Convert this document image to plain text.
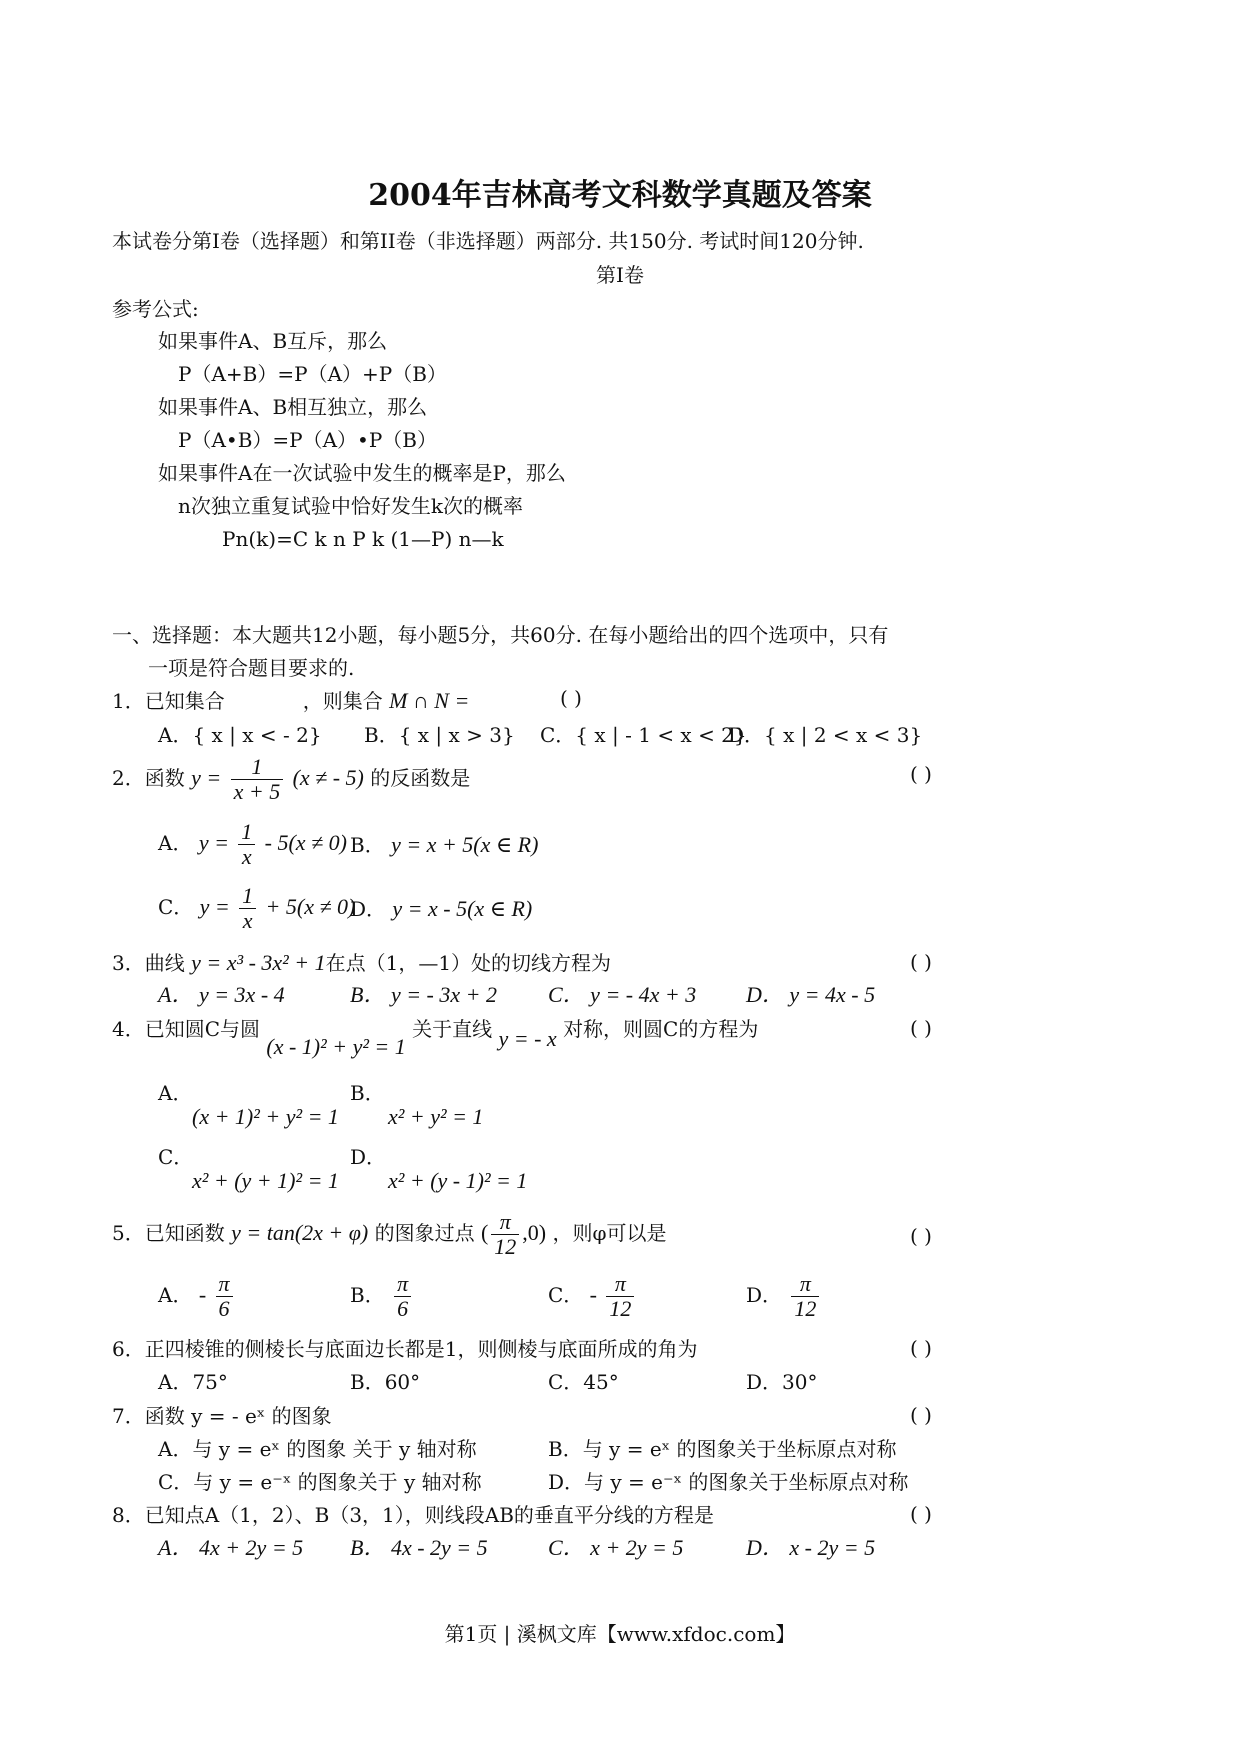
2004年吉林高考文科数学真题及答案
本试卷分第I卷（选择题）和第II卷（非选择题）两部分. 共150分. 考试时间120分钟.
第I卷
参考公式:
如果事件A、B互斥，那么
P（A+B）=P（A）+P（B）
如果事件A、B相互独立，那么
P（A•B）=P（A）•P（B）
如果事件A在一次试验中发生的概率是P，那么
n次独立重复试验中恰好发生k次的概率
Pn(k)=C k n P k (1—P) n—k
一、选择题：本大题共12小题，每小题5分，共60分. 在每小题给出的四个选项中，只有
一项是符合题目要求的.
1．已知集合	，则集合 M ∩ N =	( )
A．{ x | x < - 2} B．{ x | x > 3} C．{ x | - 1 < x < 2}
D．{ x | 2 < x < 3}
2．函数 $y = \frac{1}{x + 5} (x$ ≠ - 5) 的反函数是	( )
A． $y = \frac{1}{x} - 5(x \ne 0)$ B． y = x + 5(x ∈ R)
C． $y = \frac{1}{x} + 5(x \ne 0)$
D． y = x - 5(x ∈ R)
3．曲线 y = x³ - 3x² + 1在点（1，—1）处的切线方程为	( )
A． y = 3x - 4	B． y = - 3x + 2 C． y = - 4x + 3 D． y = 4x - 5
4．已知圆C与圆 (x - 1)² + y² = 1 关于直线 y = - x 对称，则圆C的方程为	( )
A．
(x + 1)² + y² = 1
B．
x² + y² = 1
C．
x² + (y + 1)² = 1
D．
x² + (y - 1)² = 1
5．已知函数 y = tan(2x + φ) 的图象过点 ( $\frac{\pi}{12} ,0$) ，则φ可以是	( )
A． - $\frac{\pi}{6}$	B． $\frac{\pi}{6}$	C． - $\frac{\pi}{12}$	D． $\frac{\pi}{12}$
6．正四棱锥的侧棱长与底面边长都是1，则侧棱与底面所成的角为	( )
A．75°	B．60°	C．45°	D．30°
7．函数 y = - eˣ 的图象	( )
A．与 y = eˣ 的图象 关于 y 轴对称	B．与 y = eˣ 的图象关于坐标原点对称
C．与 y = e⁻ˣ 的图象关于 y 轴对称	D．与 y = e⁻ˣ 的图象关于坐标原点对称
8．已知点A（1，2）、B（3，1），则线段AB的垂直平分线的方程是	( )
A． 4x + 2y = 5 B． 4x - 2y = 5	C． x + 2y = 5	D． x - 2y = 5
第1页 | 溪枫文库【www.xfdoc.com】
